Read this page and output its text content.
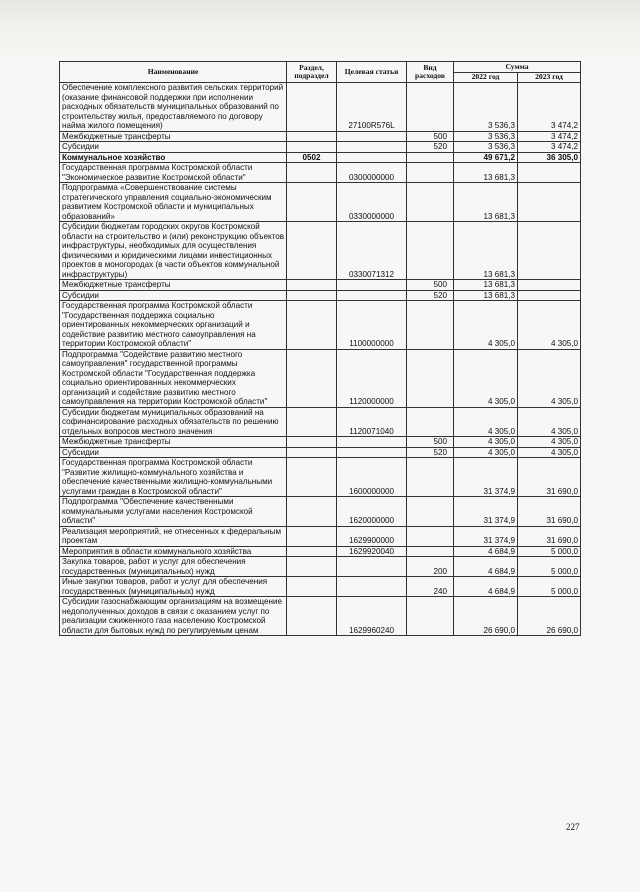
Наименование	Раздел, подраздел	Целевая статья	Вид расходов	Сумма	
				2022 год	2023 год
Обеспечение комплексного развития сельских территорий (оказание финансовой поддержки при исполнении расходных обязательств муниципальных образований по строительству жилья, предоставляемого по договору найма жилого помещения)		27100R576L		3 536,3	3 474,2
Межбюджетные трансферты			500	3 536,3	3 474,2
Субсидии			520	3 536,3	3 474,2
Коммунальное хозяйство	0502			49 671,2	36 305,0
Государственная программа Костромской области "Экономическое развитие Костромской области"		0300000000		13 681,3	
Подпрограмма «Совершенствование системы стратегического управления социально-экономическим развитием Костромской области и муниципальных образований»		0330000000		13 681,3	
Субсидии бюджетам городских округов Костромской области на строительство и (или) реконструкцию объектов инфраструктуры, необходимых для осуществления физическими и юридическими лицами инвестиционных проектов в моногородах (в части объектов коммунальной инфраструктуры)		0330071312		13 681,3	
Межбюджетные трансферты			500	13 681,3	
Субсидии			520	13 681,3	
Государственная программа Костромской области "Государственная поддержка социально ориентированных некоммерческих организаций и содействие развитию местного самоуправления на территории Костромской области"		1100000000		4 305,0	4 305,0
Подпрограмма "Содействие развитию местного самоуправления" государственной программы Костромской области "Государственная поддержка социально ориентированных некоммерческих организаций и содействие развитию местного самоуправления на территории Костромской области"		1120000000		4 305,0	4 305,0
Субсидии бюджетам муниципальных образований на софинансирование расходных обязательств по решению отдельных вопросов местного значения		1120071040		4 305,0	4 305,0
Межбюджетные трансферты			500	4 305,0	4 305,0
Субсидии			520	4 305,0	4 305,0
Государственная программа Костромской области "Развитие жилищно-коммунального хозяйства и обеспечение качественными жилищно-коммунальными услугами граждан в Костромской области"		1600000000		31 374,9	31 690,0
Подпрограмма "Обеспечение качественными коммунальными услугами населения Костромской области"		1620000000		31 374,9	31 690,0
Реализация мероприятий, не отнесенных к федеральным проектам		1629900000		31 374,9	31 690,0
Мероприятия в области коммунального хозяйства		1629920040		4 684,9	5 000,0
Закупка товаров, работ и услуг для обеспечения государственных (муниципальных) нужд			200	4 684,9	5 000,0
Иные закупки товаров, работ и услуг для обеспечения государственных (муниципальных) нужд			240	4 684,9	5 000,0
Субсидии газоснабжающим организациям на возмещение недополученных доходов в связи с оказанием услуг по реализации сжиженного газа населению Костромской области для бытовых нужд по регулируемым ценам		1629960240		26 690,0	26 690,0
227
